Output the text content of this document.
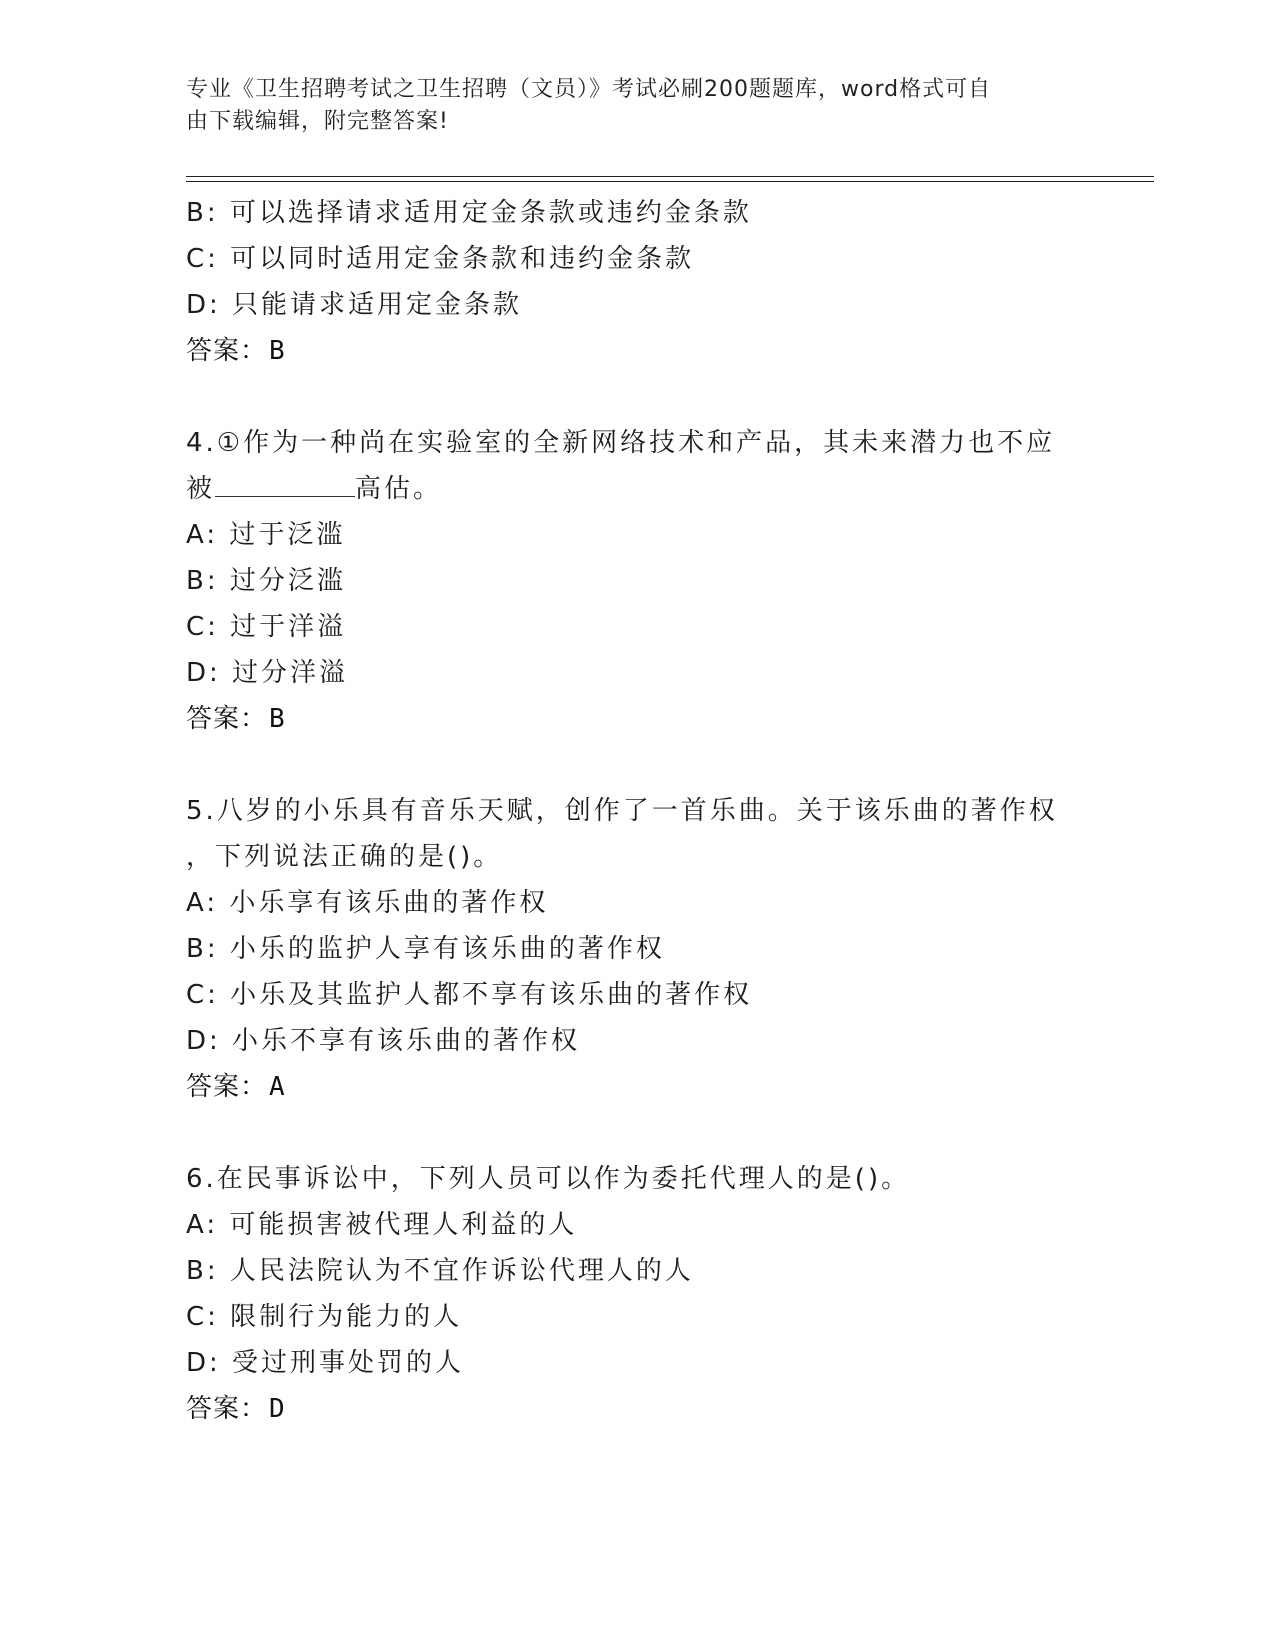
专业《卫生招聘考试之卫生招聘（文员）》考试必刷200题题库，word格式可自
由下载编辑，附完整答案!
B: 可以选择请求适用定金条款或违约金条款
C: 可以同时适用定金条款和违约金条款
D: 只能请求适用定金条款
答案：B
4.①作为一种尚在实验室的全新网络技术和产品，其未来潜力也不应
被	高估。
A: 过于泛滥
B: 过分泛滥
C: 过于洋溢
D: 过分洋溢
答案：B
5.八岁的小乐具有音乐天赋，创作了一首乐曲。关于该乐曲的著作权
，下列说法正确的是()。
A: 小乐享有该乐曲的著作权
B: 小乐的监护人享有该乐曲的著作权
C: 小乐及其监护人都不享有该乐曲的著作权
D: 小乐不享有该乐曲的著作权
答案：A
6.在民事诉讼中，下列人员可以作为委托代理人的是()。
A: 可能损害被代理人利益的人
B: 人民法院认为不宜作诉讼代理人的人
C: 限制行为能力的人
D: 受过刑事处罚的人
答案：D
